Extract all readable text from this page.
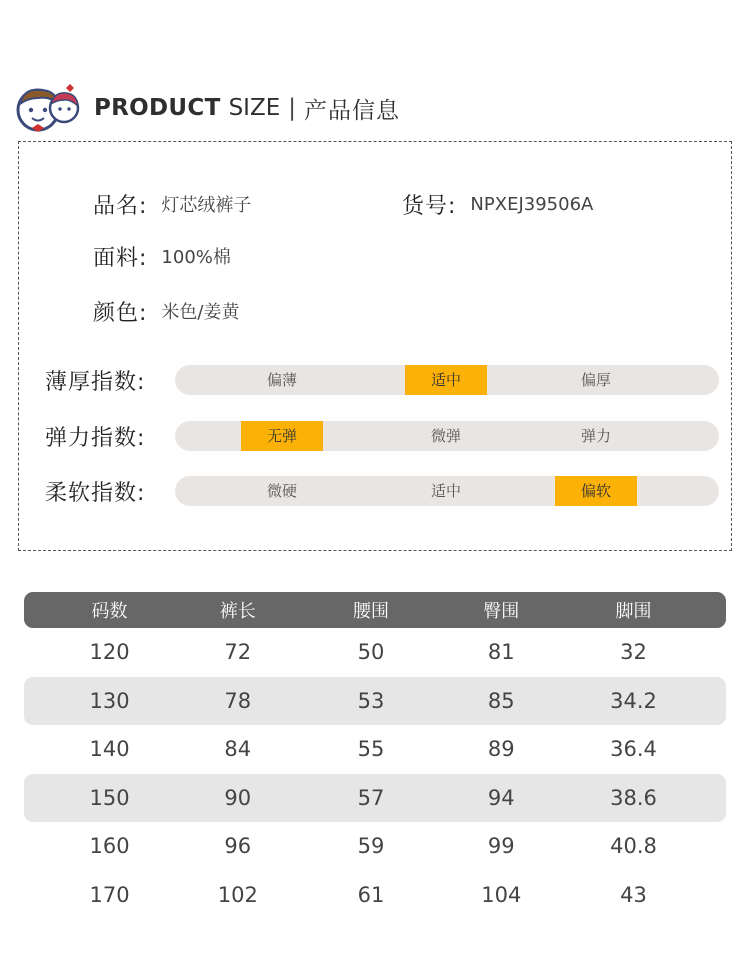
PRODUCT SIZE | 产品信息
品名: 灯芯绒裤子	货号: NPXEJ39506A
面料: 100%棉
颜色: 米色/姜黄
薄厚指数:	偏薄	适中	偏厚
弹力指数:	无弹	微弹	弹力
柔软指数:	微硬	适中	偏软
码数	裤长	腰围	臀围	脚围
120	72	50	81	32
130	78	53	85	34.2
140	84	55	89	36.4
150	90	57	94	38.6
160	96	59	99	40.8
170	102	61	104	43
